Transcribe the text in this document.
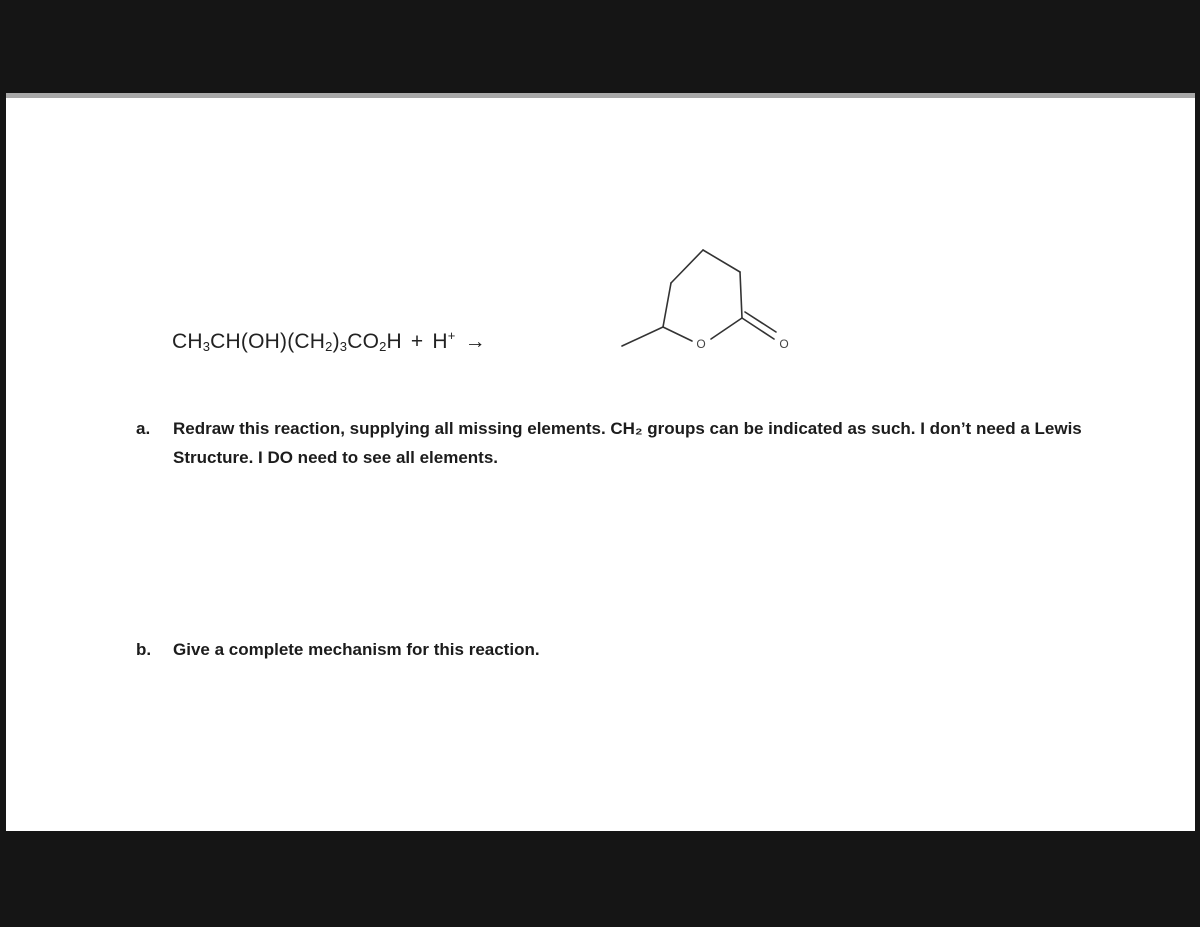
$CH_3CH(OH)(CH_2)_3CO_2H + H^+$ →	O	O
a.	Redraw this reaction, supplying all missing elements. CH₂ groups can be indicated as such. I don’t need a Lewis Structure. I DO need to see all elements.
b.	Give a complete mechanism for this reaction.
